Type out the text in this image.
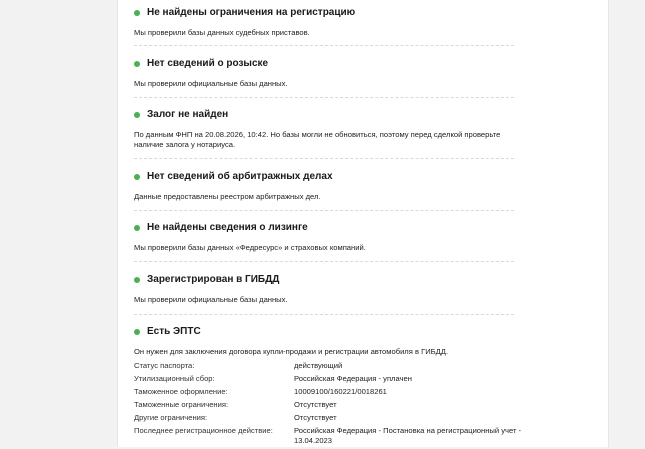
Не найдены ограничения на регистрацию
Мы проверили базы данных судебных приставов.
Нет сведений о розыске
Мы проверили официальные базы данных.
Залог не найден
По данным ФНП на 20.08.2026, 10:42. Но базы могли не обновиться, поэтому перед сделкой проверьте наличие залога у нотариуса.
Нет сведений об арбитражных делах
Данные предоставлены реестром арбитражных дел.
Не найдены сведения о лизинге
Мы проверили базы данных «Федресурс» и страховых компаний.
Зарегистрирован в ГИБДД
Мы проверили официальные базы данных.
Есть ЭПТС
Он нужен для заключения договора купли-продажи и регистрации автомобиля в ГИБДД.
Статус паспорта:	действующий
Утилизационный сбор:	Российская Федерация - уплачен
Таможенное оформление:	10009100/160221/0018261
Таможенные ограничения:	Отсутствует
Другие ограничения:	Отсутствует
Последнее регистрационное действие:	Российская Федерация - Постановка на регистрационный учет - 13.04.2023
